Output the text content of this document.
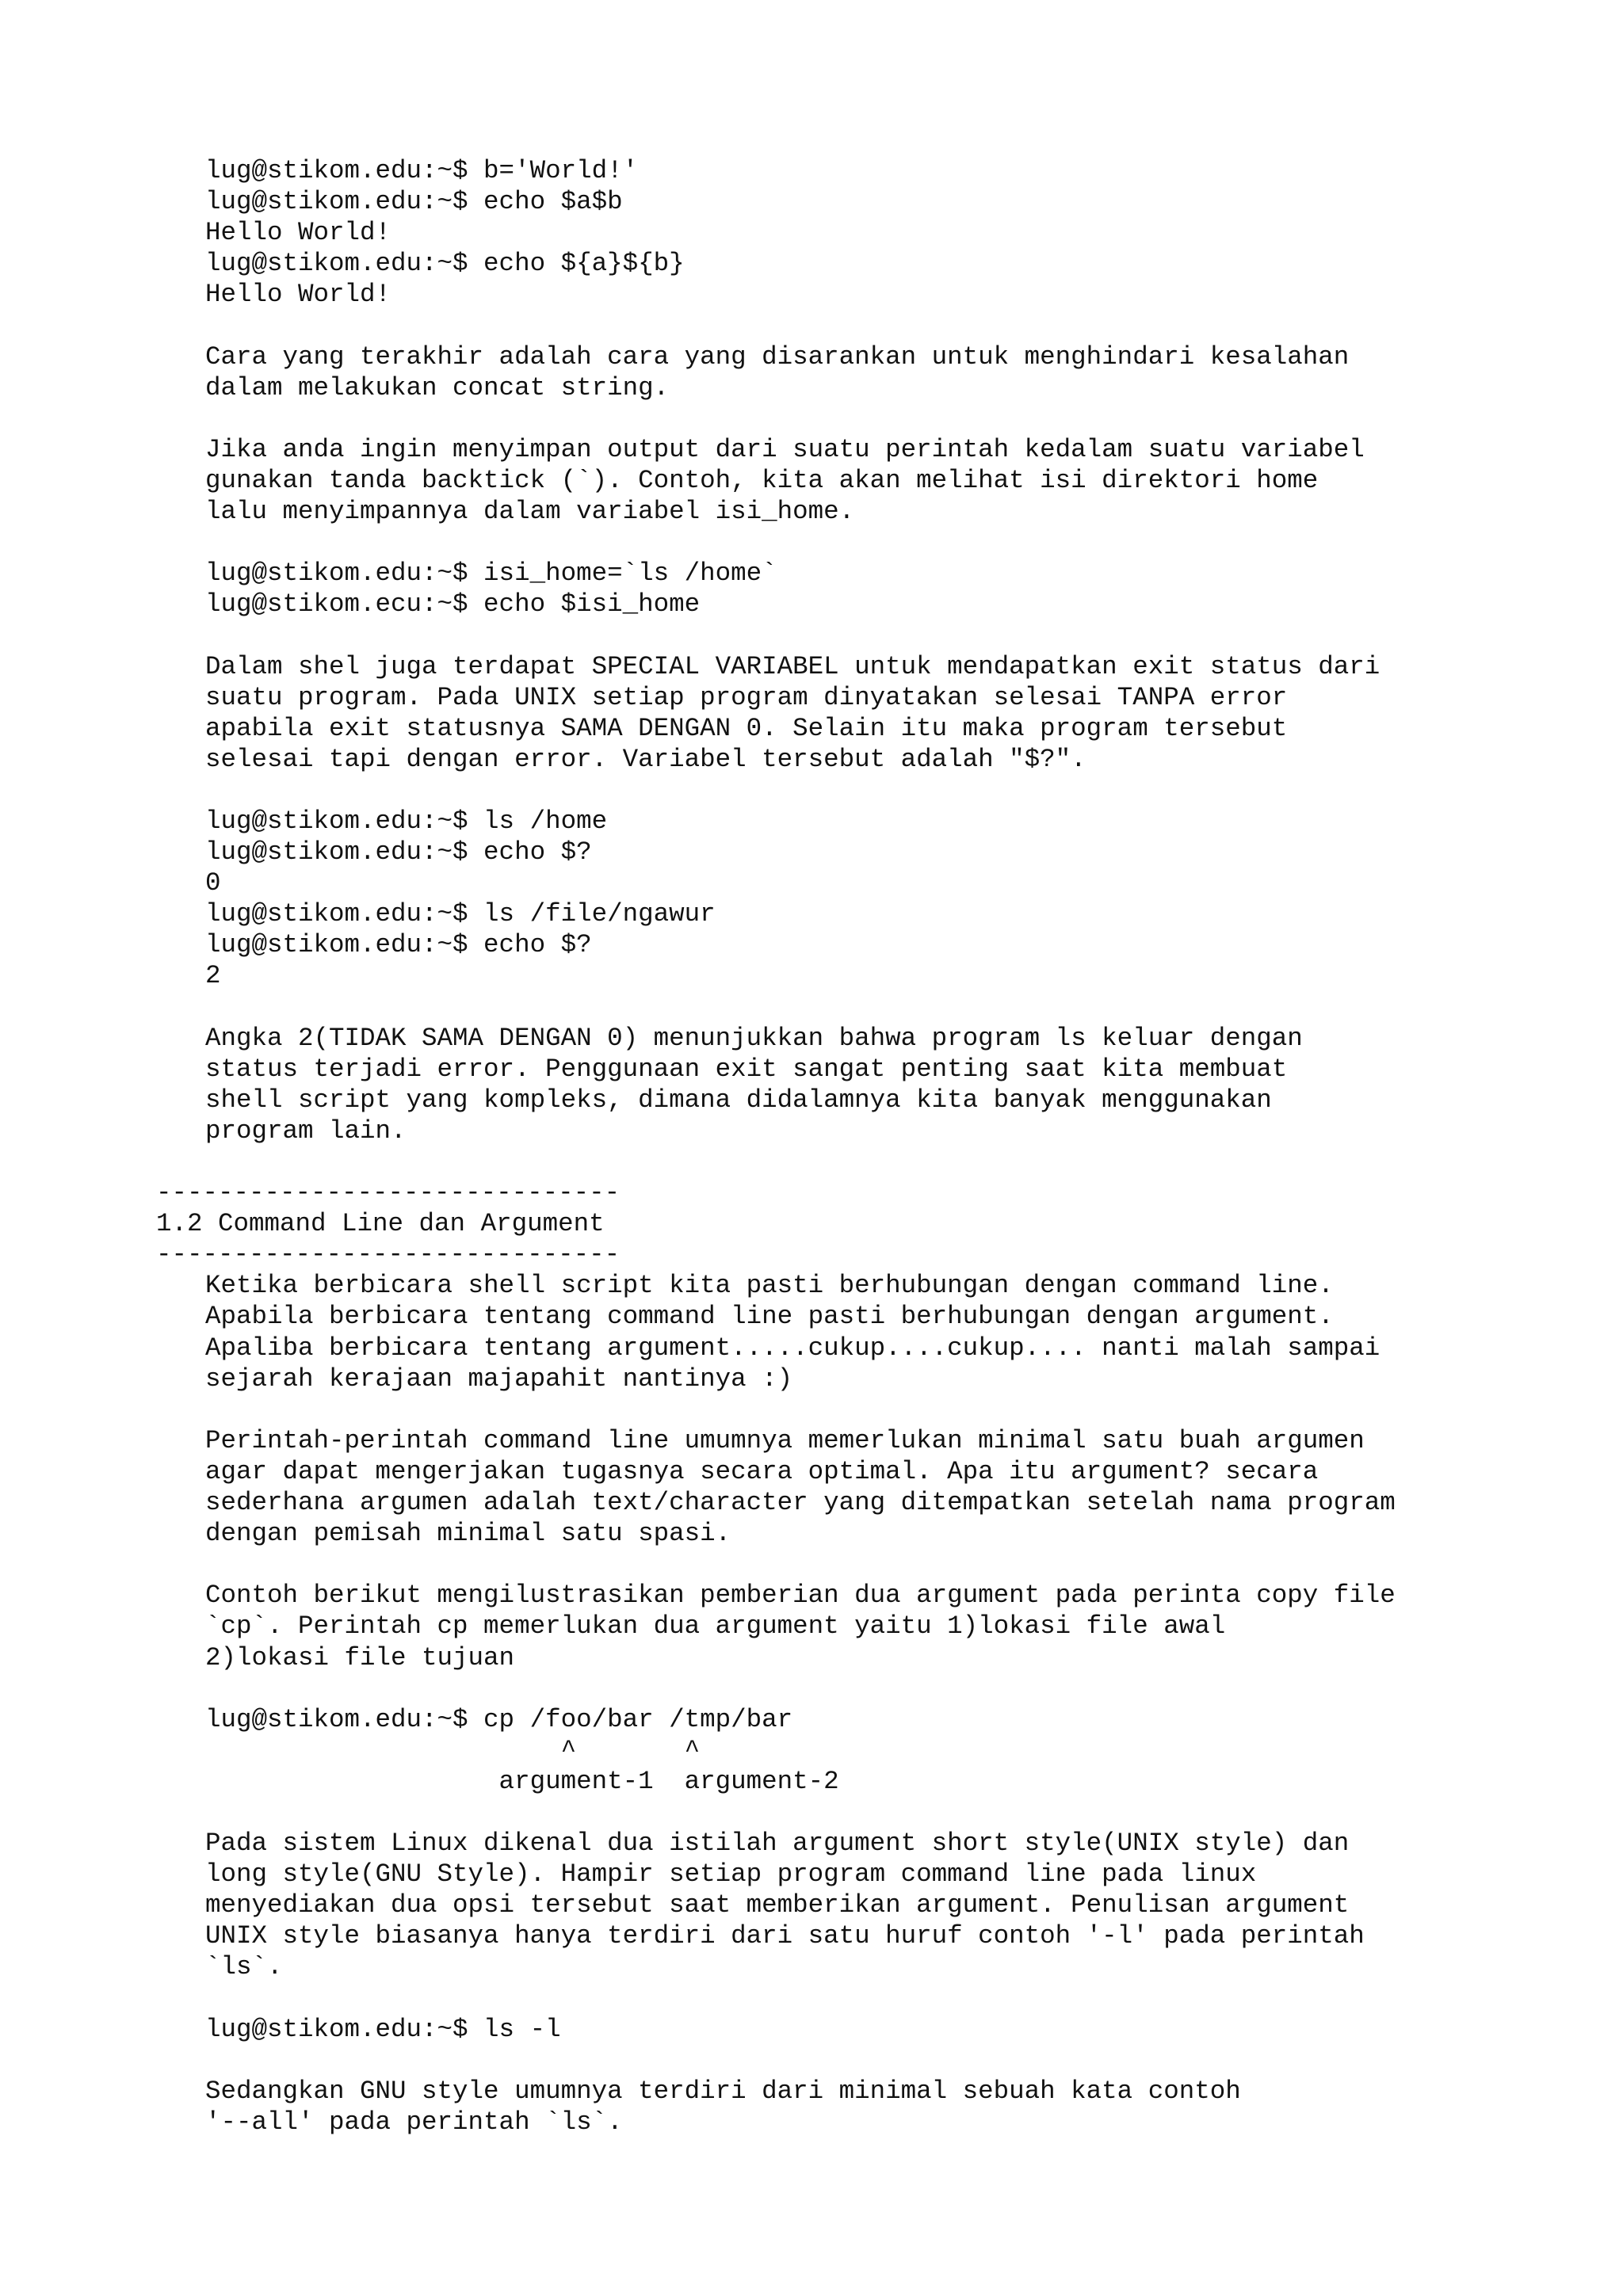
lug@stikom.edu:~$ b='World!'
lug@stikom.edu:~$ echo $a$b
Hello World!
lug@stikom.edu:~$ echo ${a}${b}
Hello World!
Cara yang terakhir adalah cara yang disarankan untuk menghindari kesalahan
dalam melakukan concat string.
Jika anda ingin menyimpan output dari suatu perintah kedalam suatu variabel
gunakan tanda backtick (`). Contoh, kita akan melihat isi direktori home
lalu menyimpannya dalam variabel isi_home.
lug@stikom.edu:~$ isi_home=`ls /home`
lug@stikom.ecu:~$ echo $isi_home
Dalam shel juga terdapat SPECIAL VARIABEL untuk mendapatkan exit status dari
suatu program. Pada UNIX setiap program dinyatakan selesai TANPA error
apabila exit statusnya SAMA DENGAN 0. Selain itu maka program tersebut
selesai tapi dengan error. Variabel tersebut adalah "$?".
lug@stikom.edu:~$ ls /home
lug@stikom.edu:~$ echo $?
0
lug@stikom.edu:~$ ls /file/ngawur
lug@stikom.edu:~$ echo $?
2
Angka 2(TIDAK SAMA DENGAN 0) menunjukkan bahwa program ls keluar dengan
status terjadi error. Penggunaan exit sangat penting saat kita membuat
shell script yang kompleks, dimana didalamnya kita banyak menggunakan
program lain.
------------------------------
1.2 Command Line dan Argument
------------------------------
Ketika berbicara shell script kita pasti berhubungan dengan command line.
Apabila berbicara tentang command line pasti berhubungan dengan argument.
Apaliba berbicara tentang argument.....cukup....cukup.... nanti malah sampai
sejarah kerajaan majapahit nantinya :)
Perintah-perintah command line umumnya memerlukan minimal satu buah argumen
agar dapat mengerjakan tugasnya secara optimal. Apa itu argument? secara
sederhana argumen adalah text/character yang ditempatkan setelah nama program
dengan pemisah minimal satu spasi.
Contoh berikut mengilustrasikan pemberian dua argument pada perinta copy file
`cp`. Perintah cp memerlukan dua argument yaitu 1)lokasi file awal
2)lokasi file tujuan
lug@stikom.edu:~$ cp /foo/bar /tmp/bar
^       ^
argument-1  argument-2
Pada sistem Linux dikenal dua istilah argument short style(UNIX style) dan
long style(GNU Style). Hampir setiap program command line pada linux
menyediakan dua opsi tersebut saat memberikan argument. Penulisan argument
UNIX style biasanya hanya terdiri dari satu huruf contoh '-l' pada perintah
`ls`.
lug@stikom.edu:~$ ls -l
Sedangkan GNU style umumnya terdiri dari minimal sebuah kata contoh
'--all' pada perintah `ls`.
